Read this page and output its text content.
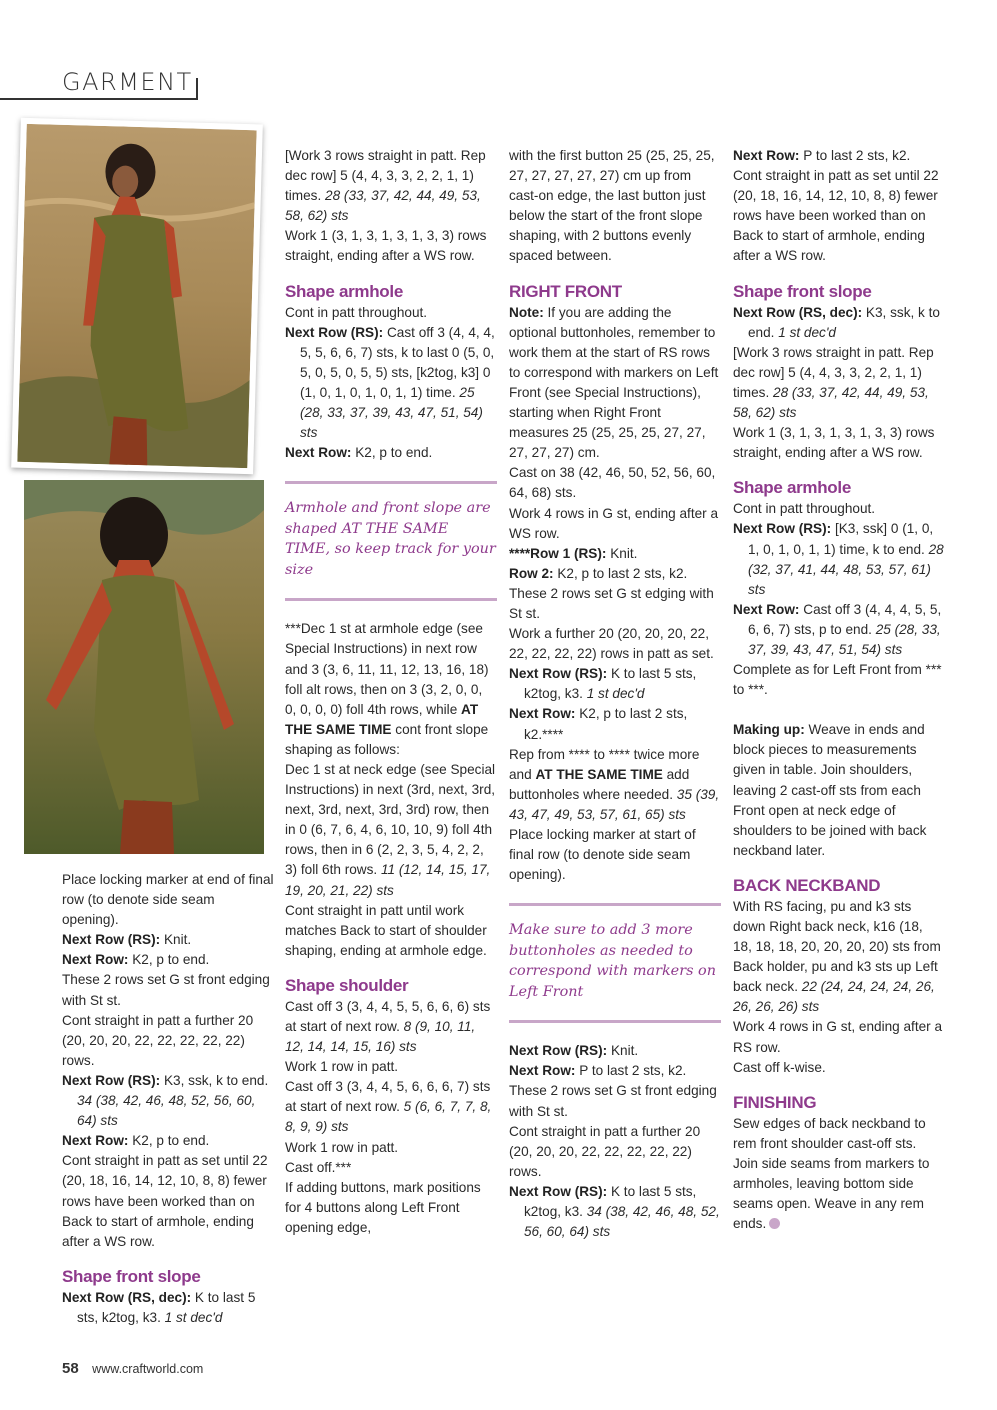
GARMENT

Place locking marker at end of final row (to denote side seam opening).

Next Row (RS): Knit.

Next Row: K2, p to end.

These 2 rows set G st front edging with St st.

Cont straight in patt a further 20 (20, 20, 20, 22, 22, 22, 22, 22) rows.

Next Row (RS): K3, ssk, k to end. 34 (38, 42, 46, 48, 52, 56, 60, 64) sts

Next Row: K2, p to end.

Cont straight in patt as set until 22 (20, 18, 16, 14, 12, 10, 8, 8) fewer rows have been worked than on Back to start of armhole, ending after a WS row.

Shape front slope

Next Row (RS, dec): K to last 5 sts, k2tog, k3. 1 st dec'd

[Work 3 rows straight in patt. Rep dec row] 5 (4, 4, 3, 3, 2, 2, 1, 1) times. 28 (33, 37, 42, 44, 49, 53, 58, 62) sts

Work 1 (3, 1, 3, 1, 3, 1, 3, 3) rows straight, ending after a WS row.

Shape armhole

Cont in patt throughout.

Next Row (RS): Cast off 3 (4, 4, 4, 5, 5, 6, 6, 7) sts, k to last 0 (5, 0, 5, 0, 5, 0, 5, 5) sts, [k2tog, k3] 0 (1, 0, 1, 0, 1, 0, 1, 1) time. 25 (28, 33, 37, 39, 43, 47, 51, 54) sts

Next Row: K2, p to end.

Armhole and front slope are shaped AT THE SAME TIME, so keep track for your size

***Dec 1 st at armhole edge (see Special Instructions) in next row and 3 (3, 6, 11, 11, 12, 13, 16, 18) foll alt rows, then on 3 (3, 2, 0, 0, 0, 0, 0, 0) foll 4th rows, while AT THE SAME TIME cont front slope shaping as follows:

Dec 1 st at neck edge (see Special Instructions) in next (3rd, next, 3rd, next, 3rd, next, 3rd, 3rd) row, then in 0 (6, 7, 6, 4, 6, 10, 10, 9) foll 4th rows, then in 6 (2, 2, 3, 5, 4, 2, 2, 3) foll 6th rows. 11 (12, 14, 15, 17, 19, 20, 21, 22) sts

Cont straight in patt until work matches Back to start of shoulder shaping, ending at armhole edge.

Shape shoulder

Cast off 3 (3, 4, 4, 5, 5, 6, 6, 6) sts at start of next row. 8 (9, 10, 11, 12, 14, 14, 15, 16) sts

Work 1 row in patt.

Cast off 3 (3, 4, 4, 5, 6, 6, 6, 7) sts at start of next row. 5 (6, 6, 7, 7, 8, 8, 9, 9) sts

Work 1 row in patt.

Cast off.***

If adding buttons, mark positions for 4 buttons along Left Front opening edge,

with the first button 25 (25, 25, 25, 27, 27, 27, 27, 27) cm up from cast-on edge, the last button just below the start of the front slope shaping, with 2 buttons evenly spaced between.

RIGHT FRONT

Note: If you are adding the optional buttonholes, remember to work them at the start of RS rows to correspond with markers on Left Front (see Special Instructions), starting when Right Front measures 25 (25, 25, 25, 27, 27, 27, 27, 27) cm.

Cast on 38 (42, 46, 50, 52, 56, 60, 64, 68) sts.

Work 4 rows in G st, ending after a WS row.

****Row 1 (RS): Knit.

Row 2: K2, p to last 2 sts, k2.

These 2 rows set G st edging with St st.

Work a further 20 (20, 20, 20, 22, 22, 22, 22, 22) rows in patt as set.

Next Row (RS): K to last 5 sts, k2tog, k3. 1 st dec'd

Next Row: K2, p to last 2 sts, k2.****

Rep from **** to **** twice more and AT THE SAME TIME add buttonholes where needed. 35 (39, 43, 47, 49, 53, 57, 61, 65) sts

Place locking marker at start of final row (to denote side seam opening).

Make sure to add 3 more buttonholes as needed to correspond with markers on Left Front

Next Row (RS): Knit.

Next Row: P to last 2 sts, k2.

These 2 rows set G st front edging with St st.

Cont straight in patt a further 20 (20, 20, 20, 22, 22, 22, 22, 22) rows.

Next Row (RS): K to last 5 sts, k2tog, k3. 34 (38, 42, 46, 48, 52, 56, 60, 64) sts

Next Row: P to last 2 sts, k2.

Cont straight in patt as set until 22 (20, 18, 16, 14, 12, 10, 8, 8) fewer rows have been worked than on Back to start of armhole, ending after a WS row.

Shape front slope

Next Row (RS, dec): K3, ssk, k to end. 1 st dec'd

[Work 3 rows straight in patt. Rep dec row] 5 (4, 4, 3, 3, 2, 2, 1, 1) times. 28 (33, 37, 42, 44, 49, 53, 58, 62) sts

Work 1 (3, 1, 3, 1, 3, 1, 3, 3) rows straight, ending after a WS row.

Shape armhole

Cont in patt throughout.

Next Row (RS): [K3, ssk] 0 (1, 0, 1, 0, 1, 0, 1, 1) time, k to end. 28 (32, 37, 41, 44, 48, 53, 57, 61) sts

Next Row: Cast off 3 (4, 4, 4, 5, 5, 6, 6, 7) sts, p to end. 25 (28, 33, 37, 39, 43, 47, 51, 54) sts

Complete as for Left Front from *** to ***.

Making up: Weave in ends and block pieces to measurements given in table. Join shoulders, leaving 2 cast-off sts from each Front open at neck edge of shoulders to be joined with back neckband later.

BACK NECKBAND

With RS facing, pu and k3 sts down Right back neck, k16 (18, 18, 18, 18, 20, 20, 20, 20) sts from Back holder, pu and k3 sts up Left back neck. 22 (24, 24, 24, 24, 26, 26, 26, 26) sts

Work 4 rows in G st, ending after a RS row.

Cast off k-wise.

FINISHING

Sew edges of back neckband to rem front shoulder cast-off sts. Join side seams from markers to armholes, leaving bottom side seams open. Weave in any rem ends.

58 www.craftworld.com
